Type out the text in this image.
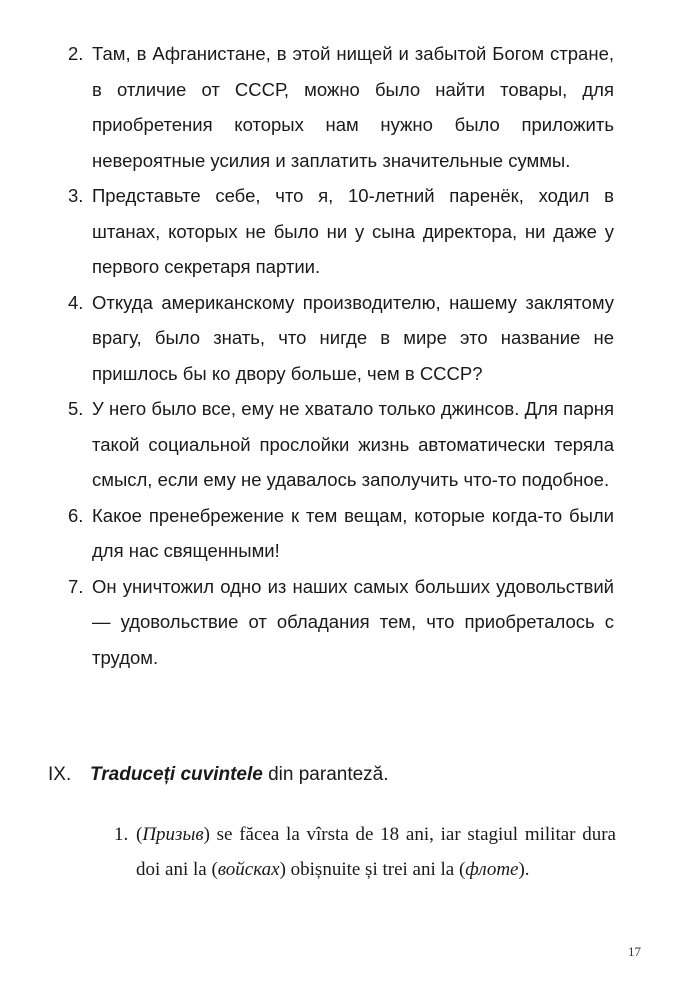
2. Там, в Афганистане, в этой нищей и забытой Богом стране, в отличие от СССР, можно было найти товары, для приобретения которых нам нужно было приложить невероятные усилия и заплатить значительные суммы.
3. Представьте себе, что я, 10-летний паренёк, ходил в штанах, которых не было ни у сына директора, ни даже у первого секретаря партии.
4. Откуда американскому производителю, нашему заклятому врагу, было знать, что нигде в мире это название не пришлось бы ко двору больше, чем в СССР?
5. У него было все, ему не хватало только джинсов. Для парня такой социальной прослойки жизнь автоматически теряла смысл, если ему не удавалось заполучить что-то подобное.
6. Какое пренебрежение к тем вещам, которые когда-то были для нас священными!
7. Он уничтожил одно из наших самых больших удовольствий — удовольствие от обладания тем, что приобреталось с трудом.
IX. Traduceți cuvintele din paranteză.
1. (Призыв) se făcea la vîrsta de 18 ani, iar stagiul militar dura doi ani la (войсках) obișnuite și trei ani la (флоте).
17
